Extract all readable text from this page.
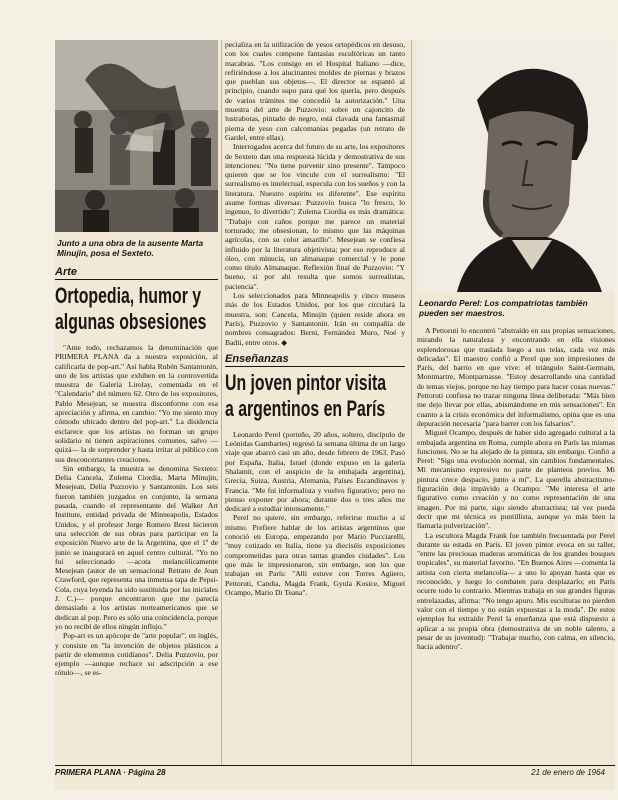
Junto a una obra de la ausente Marta Minujin, posa el Sexteto.
Arte
Ortopedia, humor y
algunas obsesiones

"Ante todo, rechazamos la denominación que PRIMERA PLANA da a nuestra exposición, al calificarla de pop-art." Así habla Rubén Santantonín, uno de los artistas que exhiben en la controvertida muestra de Galería Lirolay, comentada en el "Calendario" del número 62. Otro de los expositores, Pablo Mesejean, se muestra disconforme con esa apreciación y afirma, en cambio: "Yo me siento muy cómodo ubicado dentro del pop-art." La disidencia esclarece que los artistas no forman un grupo solidario ni tienen aspiraciones comunes, salvo —quizá— la de sorprender y hasta irritar al público con sus desconcertantes creaciones.

Sin embargo, la muestra se denomina Sexteto: Delia Cancela, Zulema Ciordia, Marta Minujin, Mesejean, Delia Puzzovio y Santantonín. Los seis fueron también juzgados en conjunto, la semana pasada, cuando el representante del Walker Art Institute, entidad privada de Minneapolis, Estados Unidos, y el profesor Jorge Romero Brest hicieron una selección de sus obras para participar en la exposición Nuevo arte de la Argentina, que el 1º de junio se inaugurará en aquel centro cultural. "Yo no fui seleccionado —acota melancólicamente Mesejean (autor de un sensacional Retrato de Joan Crawford, que representa una inmensa tapa de Pepsi-Cola, cuya leyenda ha sido sustituida por las iniciales J. C.)— porque encontraron que me parecía demasiado a los artistas norteamericanos que se dedican al pop. Pero es sólo una coincidencia, porque yo no recibí de ellos ningún influjo."

Pop-art es un apócope de "arte popular", en inglés, y consiste en "la invención de objetos plásticos a partir de elementos cotidianos". Delia Puzzovio, por ejemplo —aunque rechace su adscripción a ese rótulo—, se es-

pecializa en la utilización de yesos ortopédicos en desuso, con los cuales compone fantasías escultóricas un tanto macabras. "Los consigo en el Hospital Italiano —dice, refiriéndose a los alucinantes moldes de piernas y brazos que pueblan sus objetos—. El director se espantó al principio, cuando supo para qué los quería, pero después de varios trámites me concedió la autorización." Una muestra del arte de Puzzovio: sobre un cajoncito de lustrabotas, pintado de negro, está clavada una fantasmal pierna de yeso con calcomanías pegadas (un retrato de Gardel, entre ellas).

Interrogados acerca del futuro de su arte, los expositores de Sexteto dan una respuesta lúcida y demostrativa de sus intenciones: "No tiene porvenir sino presente". Tampoco quieren que se los vincule con el surrealismo: "El surrealismo es intelectual, especula con los sueños y con la literatura. Nuestro espíritu es diferente". Ese espíritu asume formas diversas: Puzzovio busca "lo fresco, lo ingenuo, lo divertido"; Zulema Ciordia es más dramática: "Trabajo con caños porque me parece un material torturado; me obsesionan, lo mismo que las máquinas agrícolas, con su color amarillo". Mesejean se confiesa influido por la literatura objetivista; por eso reproduce al óleo, con minucia, un almanaque comercial y le pone como título Almanaque. Reflexión final de Puzzovio: "Y bueno, si por ahí resulta que somos surrealistas, paciencia".

Los seleccionados para Minneapolis y cinco museos más de los Estados Unidos, por los que circulará la muestra, son: Cancela, Minujin (quien reside ahora en París), Puzzovio y Santantonín. Irán en compañía de nombres consagrados: Berni, Fernández Muro, Noé y Badii, entre otros. ◆

Enseñanzas
Un joven pintor visita
a argentinos en París

Leonardo Perel (porteño, 20 años, soltero, discípulo de Leónidas Gambartes) regresó la semana última de un largo viaje que abarcó casi un año, desde febrero de 1963. Pasó por España, Italia, Israel (donde expuso en la galería Shalamit, con el auspicio de la embajada argentina), Grecia, Suiza, Austria, Alemania, Países Escandinavos y Francia. "Me fui informalista y vuelvo figurativo; pero no pienso exponer por ahora; durante dos o tres años me dedicaré a estudiar intensamente."

Perel no quiere, sin embargo, referirse mucho a sí mismo. Prefiere hablar de los artistas argentinos que conoció en Europa, empezando por Mario Pucciarelli, "muy cotizado en Italia, tiene ya dieciséis exposiciones comprometidas para otras tantas grandes ciudades". Los que más le impresionaron, sin embargo, son los que trabajan en París: "Allí estuve con Torres Agüero, Pettoruti, Candia, Magda Frank, Gyula Kosice, Miguel Ocampo, Mario Di Teana".

Leonardo Perel: Los compatriotas también pueden ser maestros.

A Pettoruti lo encontró "abstraído en sus propias sensaciones, mirando la naturaleza y encontrando en ella visiones esplendorosas que traslada luego a sus telas, cada vez más delicadas". El maestro confió a Perel que son impresiones de París, del barrio en que vive: el triángulo Saint-Germain, Montmartre, Montparnasse. "Estoy desarrollando una cantidad de temas viejos, porque no hay tiempo para hacer cosas nuevas." Pettoruti confiesa no trazar ninguna línea deliberada: "Más bien me dejo llevar por ellas, abismándome en mis sensaciones". En cuanto a la crisis económica del informalismo, opina que es una depuración necesaria "para barrer con los falsarios".

Miguel Ocampo, después de haber sido agregado cultural a la embajada argentina en Roma, cumple ahora en París las mismas funciones. No se ha alejado de la pintura, sin embargo. Confió a Perel: "Sigo una evolución normal, sin cambios fundamentales. Mi mecanismo expresivo no parte de planteos previos. Mi pintura crece despacio, junto a mí". La querella abstractismo-figuración deja impávido a Ocampo: "Me interesa el arte figurativo como creación y no como representación de una imagen. Por mi parte, sigo siendo abstractista; tal vez pueda decir que mi técnica es puntillista, aunque yo más bien la llamaría pulverización".

La escultora Magda Frank fue también frecuentada por Perel durante su estada en París. El joven pintor evoca en su taller, "entre las preciosas maderas aromáticas de los grandes bosques tropicales", su material favorito. "En Buenos Aires —comenta la artista con cierta melancolía— a uno lo apoyan hasta que es reconocido, y luego lo combaten para desplazarlo; en París ocurre todo lo contrario. Mientras trabaja en sus grandes figuras entrelazadas, afirma: "No tengo apuro. Mis esculturas no pierden valor con el tiempo y no están expuestas a la moda". De estos ejemplos ha extraído Perel la enseñanza que está dispuesto a aplicar a su propia obra (demostrativa de un noble talento, a pesar de su juventud): "Trabajar mucho, con calma, en silencio, hacia adentro".

PRIMERA PLANA · Página 28	21 de enero de 1964
